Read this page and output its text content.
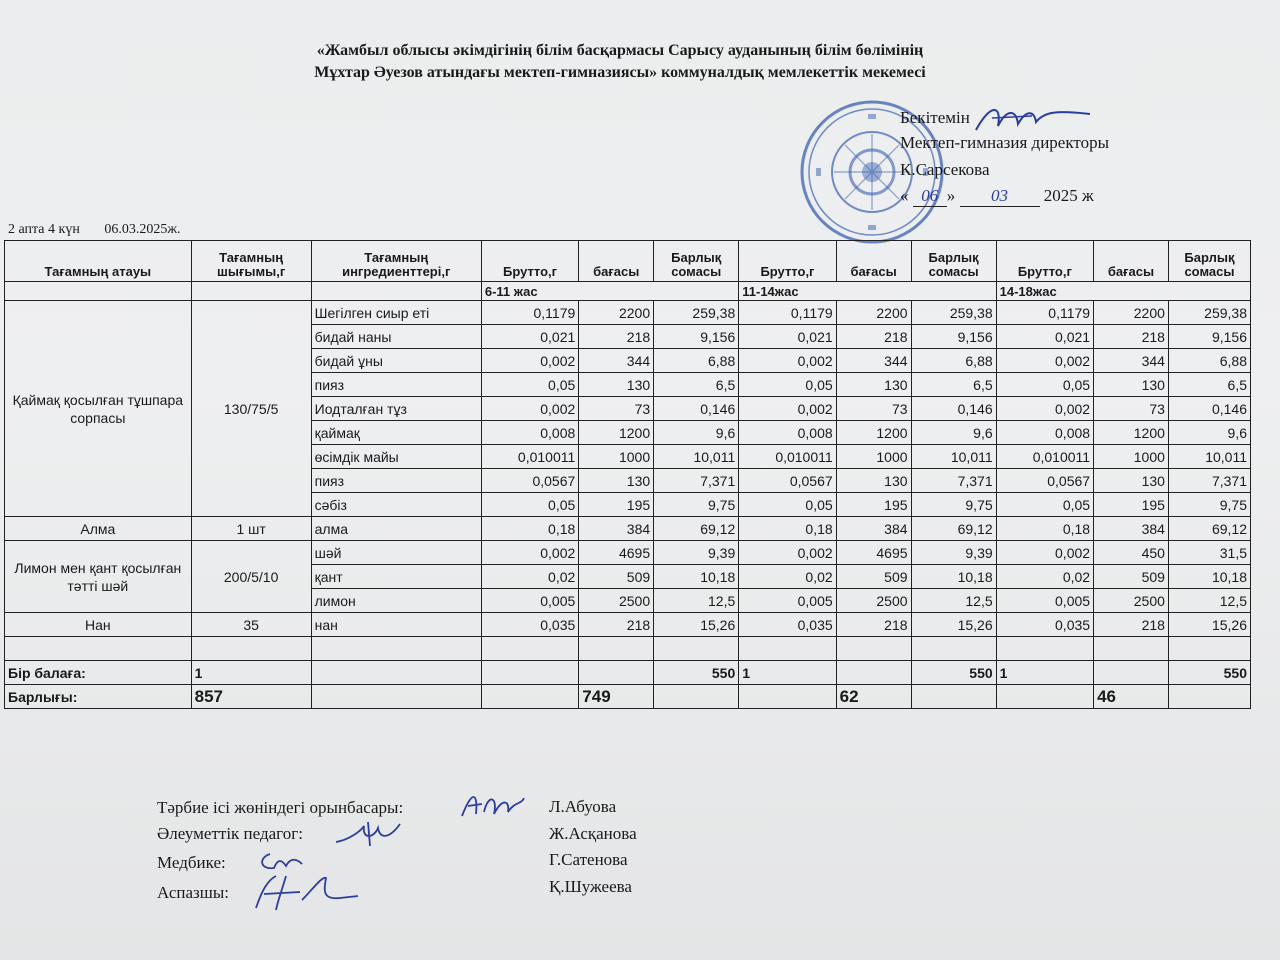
«Жамбыл облысы әкімдігінің білім басқармасы Сарысу ауданының білім бөлімінің
Мұхтар Әуезов атындағы мектеп-гимназиясы» коммуналдық мемлекеттік мекемесі
Бекітемін
Мектеп-гимназия директоры
К.Сарсекова
« 06 » 03 2025 ж
2 апта 4 күн 06.03.2025ж.
Тағамның атауы	Тағамның шығымы,г	Тағамның ингредиенттері,г	Брутто,г	бағасы	Барлық сомасы	Брутто,г	бағасы	Барлық сомасы	Брутто,г	бағасы	Барлық сомасы
			6-11 жас			11-14жас			14-18жас		
Қаймақ қосылған тұшпара сорпасы	130/75/5	Шегілген сиыр еті	0,1179	2200	259,38	0,1179	2200	259,38	0,1179	2200	259,38
		бидай наны	0,021	218	9,156	0,021	218	9,156	0,021	218	9,156
		бидай ұны	0,002	344	6,88	0,002	344	6,88	0,002	344	6,88
		пияз	0,05	130	6,5	0,05	130	6,5	0,05	130	6,5
		Иодталған тұз	0,002	73	0,146	0,002	73	0,146	0,002	73	0,146
		қаймақ	0,008	1200	9,6	0,008	1200	9,6	0,008	1200	9,6
		өсімдік майы	0,010011	1000	10,011	0,010011	1000	10,011	0,010011	1000	10,011
		пияз	0,0567	130	7,371	0,0567	130	7,371	0,0567	130	7,371
		сәбіз	0,05	195	9,75	0,05	195	9,75	0,05	195	9,75
Алма	1 шт	алма	0,18	384	69,12	0,18	384	69,12	0,18	384	69,12
Лимон мен қант қосылған тәтті шәй	200/5/10	шәй	0,002	4695	9,39	0,002	4695	9,39	0,002	450	31,5
		қант	0,02	509	10,18	0,02	509	10,18	0,02	509	10,18
		лимон	0,005	2500	12,5	0,005	2500	12,5	0,005	2500	12,5
Нан	35	нан	0,035	218	15,26	0,035	218	15,26	0,035	218	15,26

Бір балаға:	1				550	1		550	1		550
Барлығы:	857			749			62			46	
Тәрбие ісі жөніндегі орынбасары:	Л.Абуова
Әлеуметтік педагог:	Ж.Асқанова
Медбике:	Г.Сатенова
Аспазшы:	Қ.Шужеева
